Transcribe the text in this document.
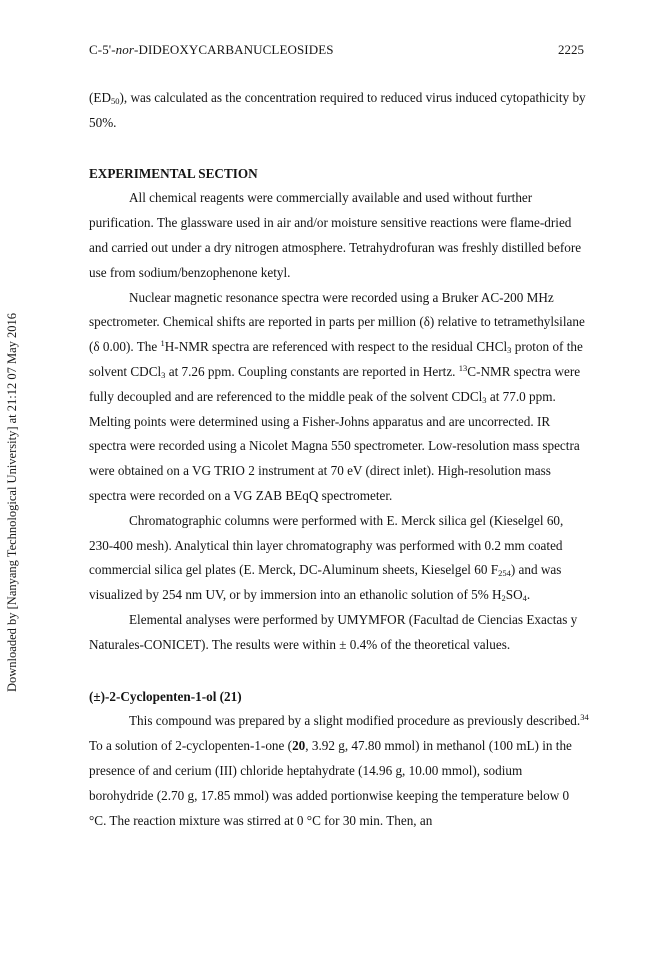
C-5'-nor-DIDEOXYCARBANUCLEOSIDES	2225
Downloaded by [Nanyang Technological University] at 21:12 07 May 2016

$(ED_{50})$, was calculated as the concentration required to reduced virus induced cytopathicity by 50%.

EXPERIMENTAL SECTION

All chemical reagents were commercially available and used without further purification. The glassware used in air and/or moisture sensitive reactions were flame-dried and carried out under a dry nitrogen atmosphere. Tetrahydrofuran was freshly distilled before use from sodium/benzophenone ketyl.

Nuclear magnetic resonance spectra were recorded using a Bruker AC-200 MHz spectrometer. Chemical shifts are reported in parts per million (δ) relative to tetramethylsilane (δ 0.00). The $^1$H-NMR spectra are referenced with respect to the residual CHCl$_3$ proton of the solvent CDCl$_3$ at 7.26 ppm. Coupling constants are reported in Hertz. $^{13}$C-NMR spectra were fully decoupled and are referenced to the middle peak of the solvent CDCl$_3$ at 77.0 ppm. Melting points were determined using a Fisher-Johns apparatus and are uncorrected. IR spectra were recorded using a Nicolet Magna 550 spectrometer. Low-resolution mass spectra were obtained on a VG TRIO 2 instrument at 70 eV (direct inlet). High-resolution mass spectra were recorded on a VG ZAB BEqQ spectrometer.

Chromatographic columns were performed with E. Merck silica gel (Kieselgel 60, 230-400 mesh). Analytical thin layer chromatography was performed with 0.2 mm coated commercial silica gel plates (E. Merck, DC-Aluminum sheets, Kieselgel 60 $F_{254}$) and was visualized by 254 nm UV, or by immersion into an ethanolic solution of 5% $H_2SO_4$.

Elemental analyses were performed by UMYMFOR (Facultad de Ciencias Exactas y Naturales-CONICET). The results were within ± 0.4% of the theoretical values.

(±)-2-Cyclopenten-1-ol (21)

This compound was prepared by a slight modified procedure as previously described.$^{34}$ To a solution of 2-cyclopenten-1-one (20, 3.92 g, 47.80 mmol) in methanol (100 mL) in the presence of and cerium (III) chloride heptahydrate (14.96 g, 10.00 mmol), sodium borohydride (2.70 g, 17.85 mmol) was added portionwise keeping the temperature below 0 °C. The reaction mixture was stirred at 0 °C for 30 min. Then, an
